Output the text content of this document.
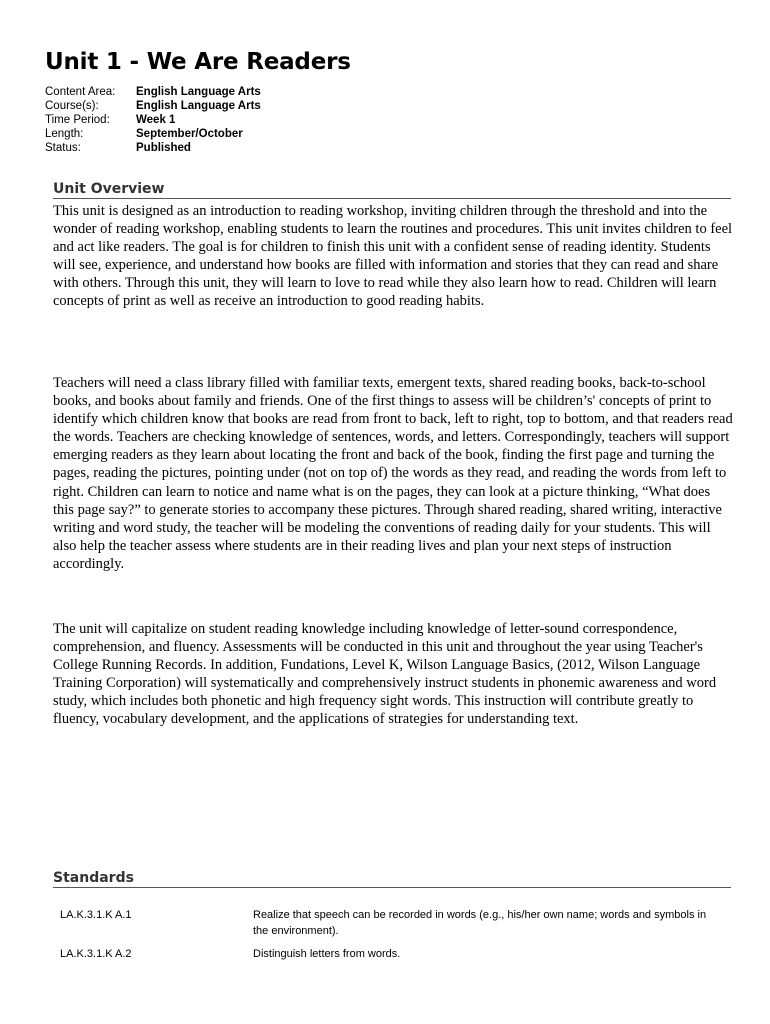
Unit 1 - We Are Readers
Content Area:	English Language Arts
Course(s):	English Language Arts
Time Period:	Week 1
Length:	September/October
Status:	Published
Unit Overview

This unit is designed as an introduction to reading workshop, inviting children through the threshold and into the wonder of reading workshop, enabling students to learn the routines and procedures. This unit invites children to feel and act like readers. The goal is for children to finish this unit with a confident sense of reading identity. Students will see, experience, and understand how books are filled with information and stories that they can read and share with others. Through this unit, they will learn to love to read while they also learn how to read. Children will learn concepts of print as well as receive an introduction to good reading habits.

Teachers will need a class library filled with familiar texts, emergent texts, shared reading books, back-to-school books, and books about family and friends. One of the first things to assess will be children’s' concepts of print to identify which children know that books are read from front to back, left to right, top to bottom, and that readers read the words. Teachers are checking knowledge of sentences, words, and letters. Correspondingly, teachers will support emerging readers as they learn about locating the front and back of the book, finding the first page and turning the pages, reading the pictures, pointing under (not on top of) the words as they read, and reading the words from left to right. Children can learn to notice and name what is on the pages, they can look at a picture thinking, “What does this page say?” to generate stories to accompany these pictures. Through shared reading, shared writing, interactive writing and word study, the teacher will be modeling the conventions of reading daily for your students. This will also help the teacher assess where students are in their reading lives and plan your next steps of instruction accordingly.

The unit will capitalize on student reading knowledge including knowledge of letter-sound correspondence, comprehension, and fluency. Assessments will be conducted in this unit and throughout the year using Teacher's College Running Records. In addition, Fundations, Level K, Wilson Language Basics, (2012, Wilson Language Training Corporation) will systematically and comprehensively instruct students in phonemic awareness and word study, which includes both phonetic and high frequency sight words. This instruction will contribute greatly to fluency, vocabulary development, and the applications of strategies for understanding text.

Standards
LA.K.3.1.K A.1	Realize that speech can be recorded in words (e.g., his/her own name; words and symbols in the environment).
LA.K.3.1.K A.2	Distinguish letters from words.
